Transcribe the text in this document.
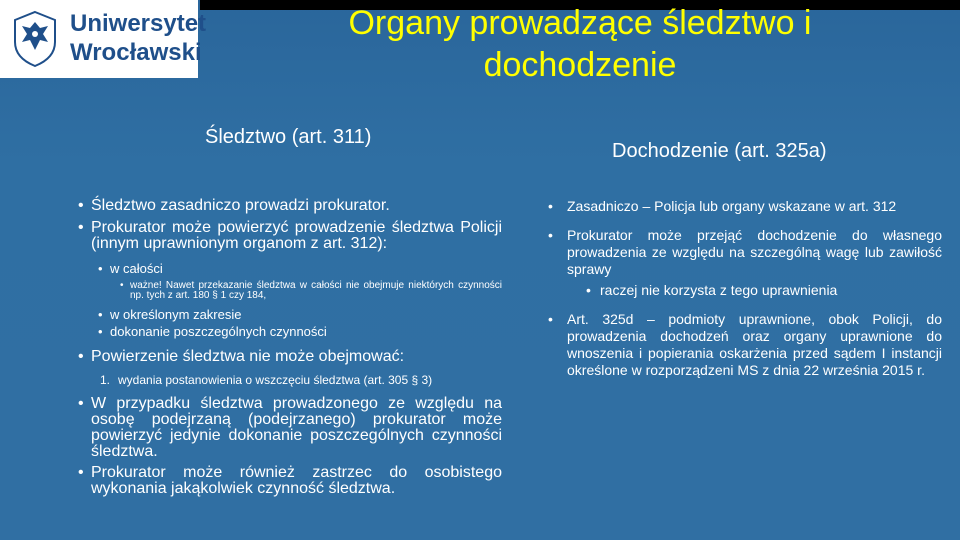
Uniwersytet
Wrocławski
Organy prowadzące śledztwo i
dochodzenie
Śledztwo (art. 311)
Dochodzenie (art. 325a)
• Śledztwo zasadniczo prowadzi prokurator.
• Prokurator może powierzyć prowadzenie śledztwa Policji (innym uprawnionym organom z art. 312):
• w całości
• ważne! Nawet przekazanie śledztwa w całości nie obejmuje niektórych czynności np. tych z art. 180 § 1 czy 184,
• w określonym zakresie
• dokonanie poszczególnych czynności
• Powierzenie śledztwa nie może obejmować:
1. wydania postanowienia o wszczęciu śledztwa (art. 305 § 3)
• W przypadku śledztwa prowadzonego ze względu na osobę podejrzaną (podejrzanego) prokurator może powierzyć jedynie dokonanie poszczególnych czynności śledztwa.
• Prokurator może również zastrzec do osobistego wykonania jakąkolwiek czynność śledztwa.
• Zasadniczo – Policja lub organy wskazane w art. 312
• Prokurator może przejąć dochodzenie do własnego prowadzenia ze względu na szczególną wagę lub zawiłość sprawy
• raczej nie korzysta z tego uprawnienia
• Art. 325d – podmioty uprawnione, obok Policji, do prowadzenia dochodzeń oraz organy uprawnione do wnoszenia i popierania oskarżenia przed sądem I instancji określone w rozporządzeni MS z dnia 22 września 2015 r.
